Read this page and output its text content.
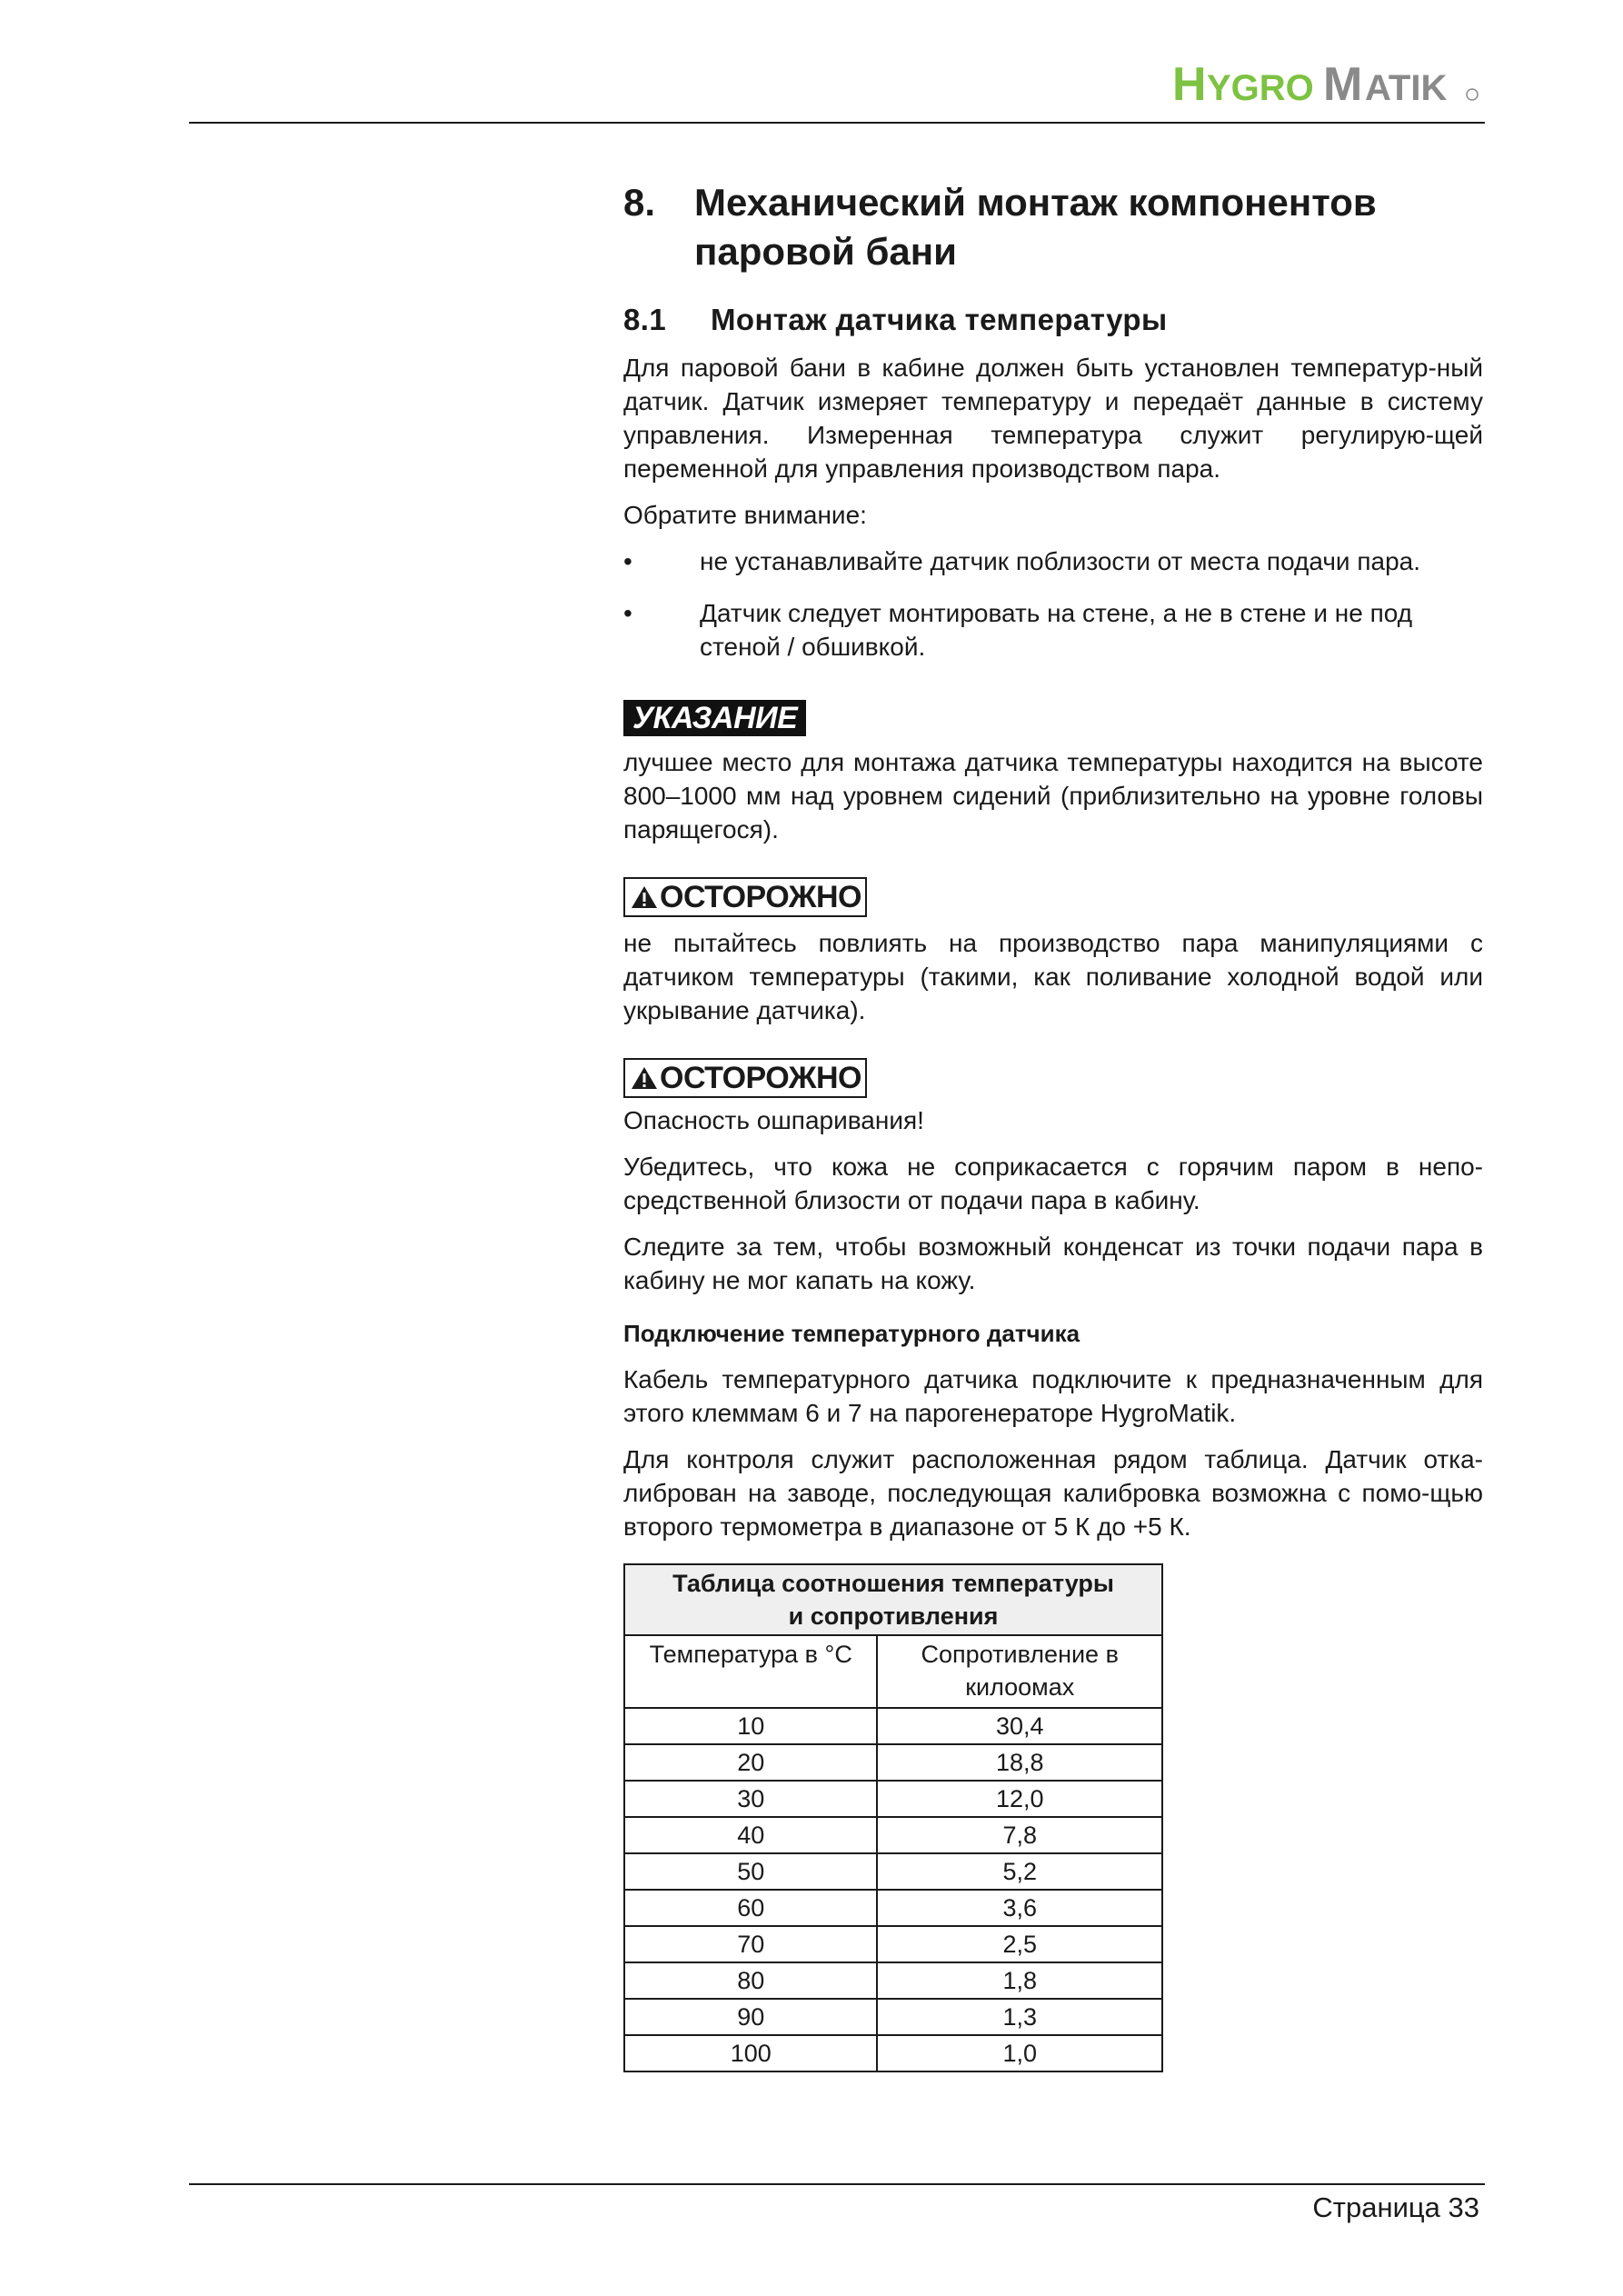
H YGRO M ATIK
8.	Механический монтаж компонентов
паровой бани
8.1	Монтаж датчика температуры

Для паровой бани в кабине должен быть установлен температур-ный датчик. Датчик измеряет температуру и передаёт данные в систему управления. Измеренная температура служит регулирую-щей переменной для управления производством пара.

Обратите внимание:

•	не устанавливайте датчик поблизости от места подачи пара.
•	Датчик следует монтировать на стене, а не в стене и не под стеной / обшивкой.
УКАЗАНИЕ

лучшее место для монтажа датчика температуры находится на высоте 800–1000 мм над уровнем сидений (приблизительно на уровне головы парящегося).

ОСТОРОЖНО

не пытайтесь повлиять на производство пара манипуляциями с датчиком температуры (такими, как поливание холодной водой или укрывание датчика).

ОСТОРОЖНО

Опасность ошпаривания!

Убедитесь, что кожа не соприкасается с горячим паром в непо-средственной близости от подачи пара в кабину.

Следите за тем, чтобы возможный конденсат из точки подачи пара в кабину не мог капать на кожу.

Подключение температурного датчика

Кабель температурного датчика подключите к предназначенным для этого клеммам 6 и 7 на парогенераторе HygroMatik.

Для контроля служит расположенная рядом таблица. Датчик отка-либрован на заводе, последующая калибровка возможна с помо-щью второго термометра в диапазоне от 5 К до +5 К.

Таблица соотношения температуры
и сопротивления	
Температура в °C	Сопротивление в килоомах
10	30,4
20	18,8
30	12,0
40	7,8
50	5,2
60	3,6
70	2,5
80	1,8
90	1,3
100	1,0
Страница 33
